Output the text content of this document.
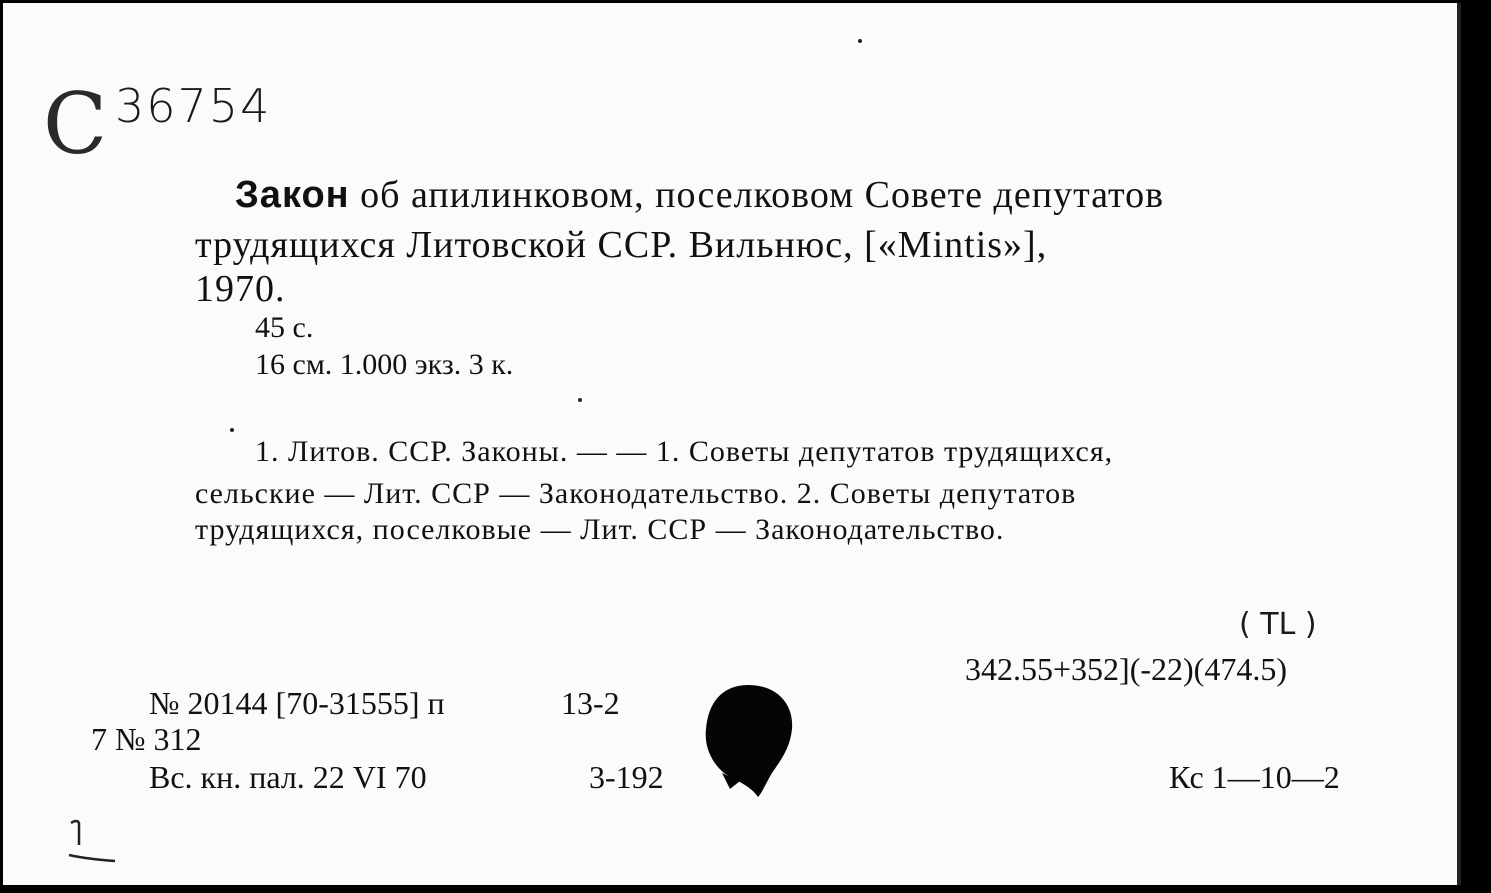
С 36754
Закон об апилинковом, поселковом Совете депутатов
трудящихся Литовской ССР. Вильнюс, [«Mintis»],
1970.
45 с.
16 см. 1.000 экз. 3 к.
1. Литов. ССР. Законы. — — 1. Советы депутатов трудящихся,
сельские — Лит. ССР — Законодательство. 2. Советы депутатов
трудящихся, поселковые — Лит. ССР — Законодательство.
( TL )
342.55+352](-22)(474.5)
№ 20144 [70-31555] п	13-2
7 № 312
Вс. кн. пал. 22 VI 70	3-192	Кс 1—10—2
